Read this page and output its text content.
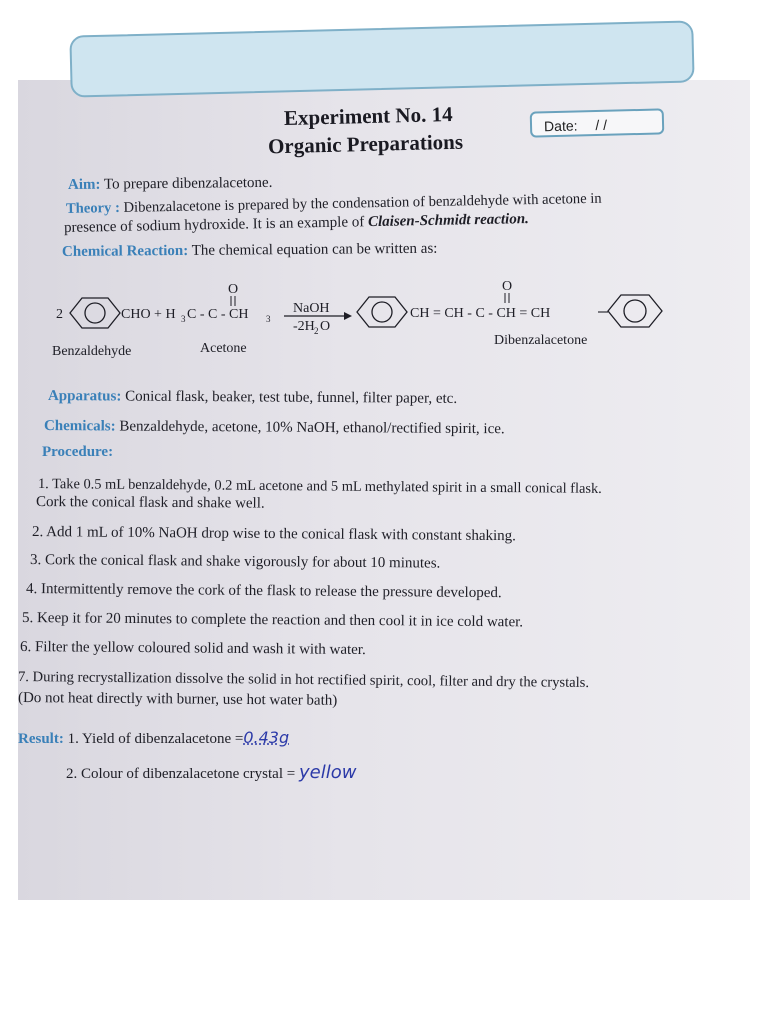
Experiment No. 14
Organic Preparations
Date: / /
Aim: To prepare dibenzalacetone.
Theory : Dibenzalacetone is prepared by the condensation of benzaldehyde with acetone in
presence of sodium hydroxide. It is an example of Claisen-Schmidt reaction.
Chemical Reaction: The chemical equation can be written as:
2	CHO + H 3 C - C - CH 3
O
NaOH
-2H 2 O
CH = CH - C - CH = CH
O
Benzaldehyde	Acetone
Dibenzalacetone
Apparatus: Conical flask, beaker, test tube, funnel, filter paper, etc.
Chemicals: Benzaldehyde, acetone, 10% NaOH, ethanol/rectified spirit, ice.
Procedure:
1. Take 0.5 mL benzaldehyde, 0.2 mL acetone and 5 mL methylated spirit in a small conical flask.
Cork the conical flask and shake well.
2. Add 1 mL of 10% NaOH drop wise to the conical flask with constant shaking.
3. Cork the conical flask and shake vigorously for about 10 minutes.
4. Intermittently remove the cork of the flask to release the pressure developed.
5. Keep it for 20 minutes to complete the reaction and then cool it in ice cold water.
6. Filter the yellow coloured solid and wash it with water.
7. During recrystallization dissolve the solid in hot rectified spirit, cool, filter and dry the crystals.
(Do not heat directly with burner, use hot water bath)
Result: 1. Yield of dibenzalacetone =0.43g
2. Colour of dibenzalacetone crystal = yellow
